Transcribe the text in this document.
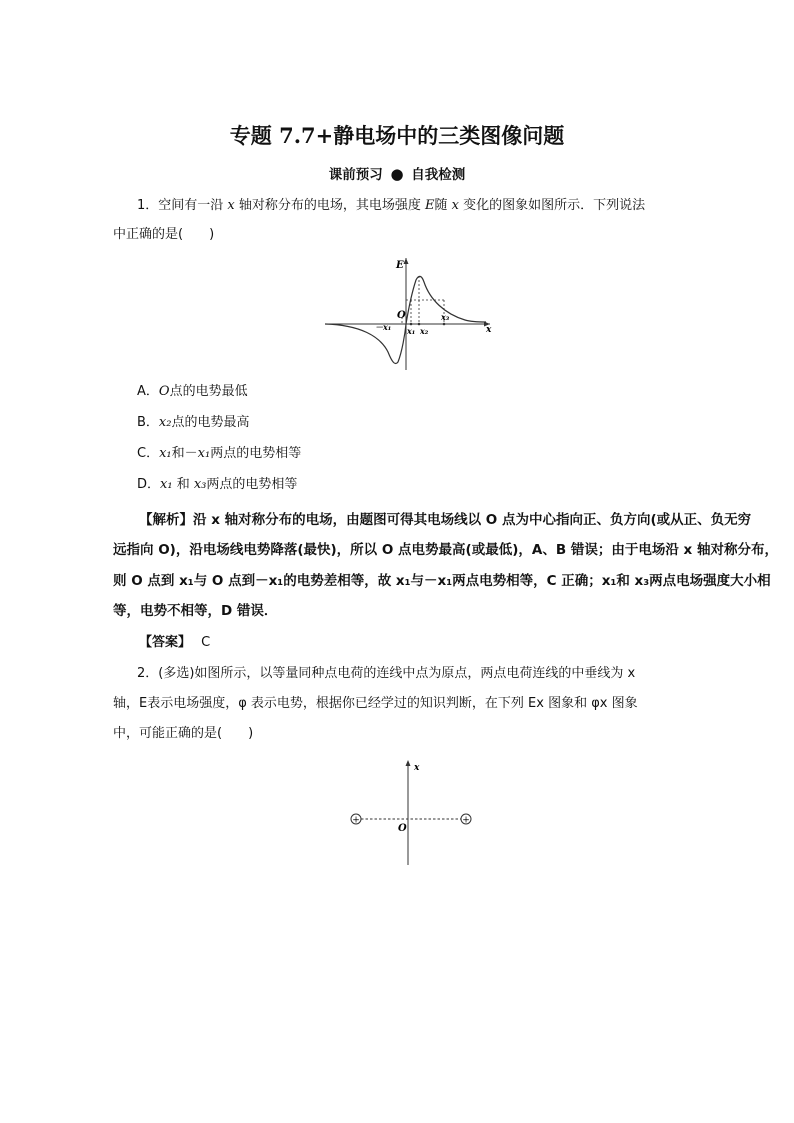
专题 7.7+静电场中的三类图像问题
课前预习 ● 自我检测
1．空间有一沿 x 轴对称分布的电场，其电场强度 E随 x 变化的图象如图所示．下列说法
中正确的是(　　)
E
O
－x₁ x₁ x₂
x₃
x
A．O点的电势最低
B．x₂点的电势最高
C．x₁和－x₁两点的电势相等
D．x₁ 和 x₃两点的电势相等
【解析】沿 x 轴对称分布的电场，由题图可得其电场线以 O 点为中心指向正、负方向(或从正、负无穷
远指向 O)，沿电场线电势降落(最快)，所以 O 点电势最高(或最低)，A、B 错误；由于电场沿 x 轴对称分布，
则 O 点到 x₁与 O 点到－x₁的电势差相等，故 x₁与－x₁两点电势相等，C 正确；x₁和 x₃两点电场强度大小相
等，电势不相等，D 错误．
【答案】 C
2．(多选)如图所示，以等量同种点电荷的连线中点为原点，两点电荷连线的中垂线为 x
轴，E表示电场强度，φ 表示电势，根据你已经学过的知识判断，在下列 Ex 图象和 φx 图象
中，可能正确的是(　　)
+	+
x
O
